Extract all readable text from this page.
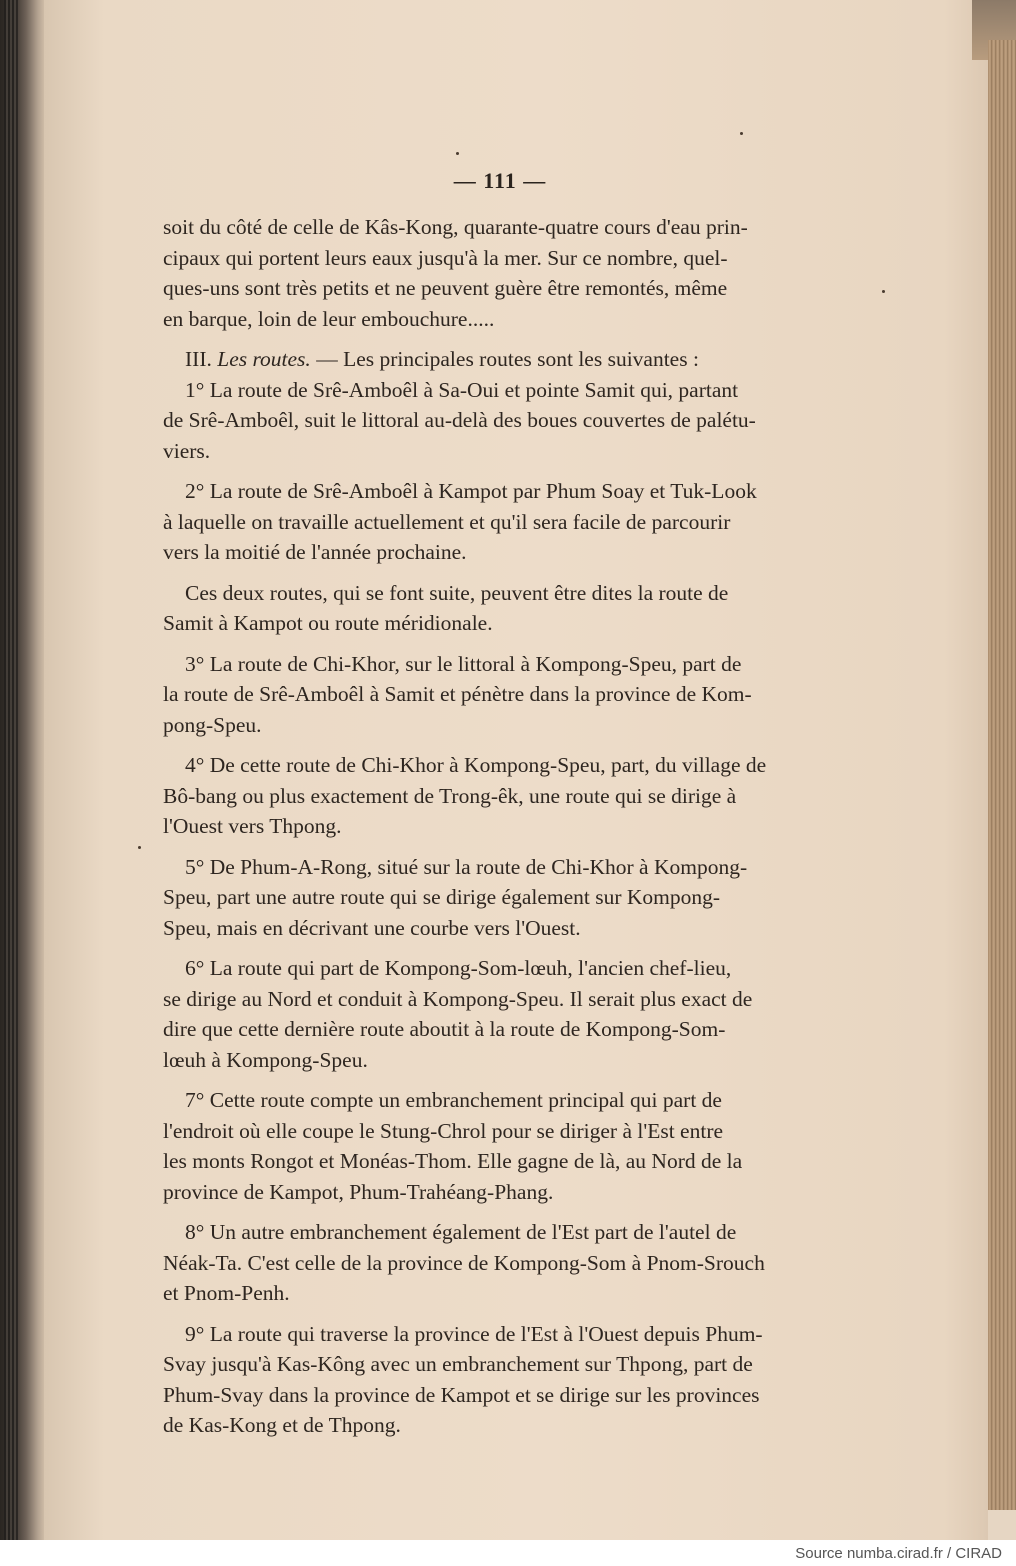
— 111 —
soit du côté de celle de Kâs-Kong, quarante-quatre cours d'eau prin-
cipaux qui portent leurs eaux jusqu'à la mer. Sur ce nombre, quel-
ques-uns sont très petits et ne peuvent guère être remontés, même
en barque, loin de leur embouchure.....
III. Les routes. — Les principales routes sont les suivantes :
1° La route de Srê-Amboêl à Sa-Oui et pointe Samit qui, partant
de Srê-Amboêl, suit le littoral au-delà des boues couvertes de palétu-
viers.
2° La route de Srê-Amboêl à Kampot par Phum Soay et Tuk-Look
à laquelle on travaille actuellement et qu'il sera facile de parcourir
vers la moitié de l'année prochaine.
Ces deux routes, qui se font suite, peuvent être dites la route de
Samit à Kampot ou route méridionale.
3° La route de Chi-Khor, sur le littoral à Kompong-Speu, part de
la route de Srê-Amboêl à Samit et pénètre dans la province de Kom-
pong-Speu.
4° De cette route de Chi-Khor à Kompong-Speu, part, du village de
Bô-bang ou plus exactement de Trong-êk, une route qui se dirige à
l'Ouest vers Thpong.
5° De Phum-A-Rong, situé sur la route de Chi-Khor à Kompong-
Speu, part une autre route qui se dirige également sur Kompong-
Speu, mais en décrivant une courbe vers l'Ouest.
6° La route qui part de Kompong-Som-lœuh, l'ancien chef-lieu,
se dirige au Nord et conduit à Kompong-Speu. Il serait plus exact de
dire que cette dernière route aboutit à la route de Kompong-Som-
lœuh à Kompong-Speu.
7° Cette route compte un embranchement principal qui part de
l'endroit où elle coupe le Stung-Chrol pour se diriger à l'Est entre
les monts Rongot et Monéas-Thom. Elle gagne de là, au Nord de la
province de Kampot, Phum-Trahéang-Phang.
8° Un autre embranchement également de l'Est part de l'autel de
Néak-Ta. C'est celle de la province de Kompong-Som à Pnom-Srouch
et Pnom-Penh.
9° La route qui traverse la province de l'Est à l'Ouest depuis Phum-
Svay jusqu'à Kas-Kông avec un embranchement sur Thpong, part de
Phum-Svay dans la province de Kampot et se dirige sur les provinces
de Kas-Kong et de Thpong.
Source numba.cirad.fr / CIRAD
